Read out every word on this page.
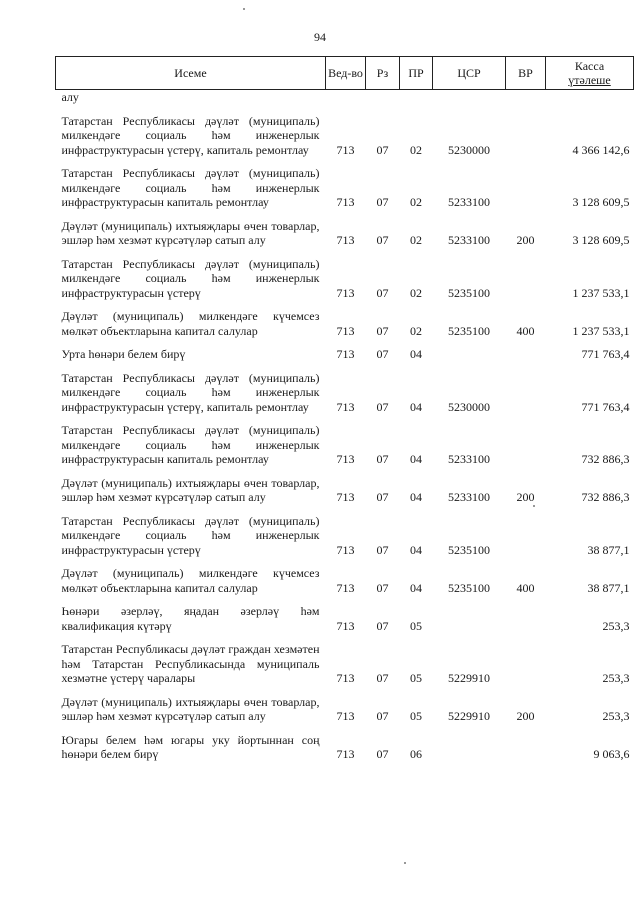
94
Исеме	Вед-во	Рз	ПР	ЦСР	ВР	Касса
үтәлеше

алу						
Татарстан Республикасы дәүләт (муниципаль) милкендәге социаль һәм инженерлык инфраструктурасын үстерү, капиталь ремонтлау	713	07	02	5230000		4 366 142,6
Татарстан Республикасы дәүләт (муниципаль) милкендәге социаль һәм инженерлык инфраструктурасын капиталь ремонтлау	713	07	02	5233100		3 128 609,5
Дәүләт (муниципаль) ихтыяҗлары өчен товарлар, эшләр һәм хезмәт күрсәтүләр сатып алу	713	07	02	5233100	200	3 128 609,5
Татарстан Республикасы дәүләт (муниципаль) милкендәге социаль һәм инженерлык инфраструктурасын үстерү	713	07	02	5235100		1 237 533,1
Дәүләт (муниципаль) милкендәге күчемсез мөлкәт объектларына капитал салулар	713	07	02	5235100	400	1 237 533,1
Урта һөнәри белем бирү	713	07	04			771 763,4
Татарстан Республикасы дәүләт (муниципаль) милкендәге социаль һәм инженерлык инфраструктурасын үстерү, капиталь ремонтлау	713	07	04	5230000		771 763,4
Татарстан Республикасы дәүләт (муниципаль) милкендәге социаль һәм инженерлык инфраструктурасын капиталь ремонтлау	713	07	04	5233100		732 886,3
Дәүләт (муниципаль) ихтыяҗлары өчен товарлар, эшләр һәм хезмәт күрсәтүләр сатып алу	713	07	04	5233100	200	732 886,3
Татарстан Республикасы дәүләт (муниципаль) милкендәге социаль һәм инженерлык инфраструктурасын үстерү	713	07	04	5235100		38 877,1
Дәүләт (муниципаль) милкендәге күчемсез мөлкәт объектларына капитал салулар	713	07	04	5235100	400	38 877,1
Һөнәри әзерләү, яңадан әзерләү һәм квалификация күтәрү	713	07	05			253,3
Татарстан Республикасы дәүләт граждан хезмәтен һәм Татарстан Республикасында муниципаль хезмәтне үстерү чаралары	713	07	05	5229910		253,3
Дәүләт (муниципаль) ихтыяҗлары өчен товарлар, эшләр һәм хезмәт күрсәтүләр сатып алу	713	07	05	5229910	200	253,3
Югары белем һәм югары уку йортыннан соң һөнәри белем бирү	713	07	06			9 063,6
